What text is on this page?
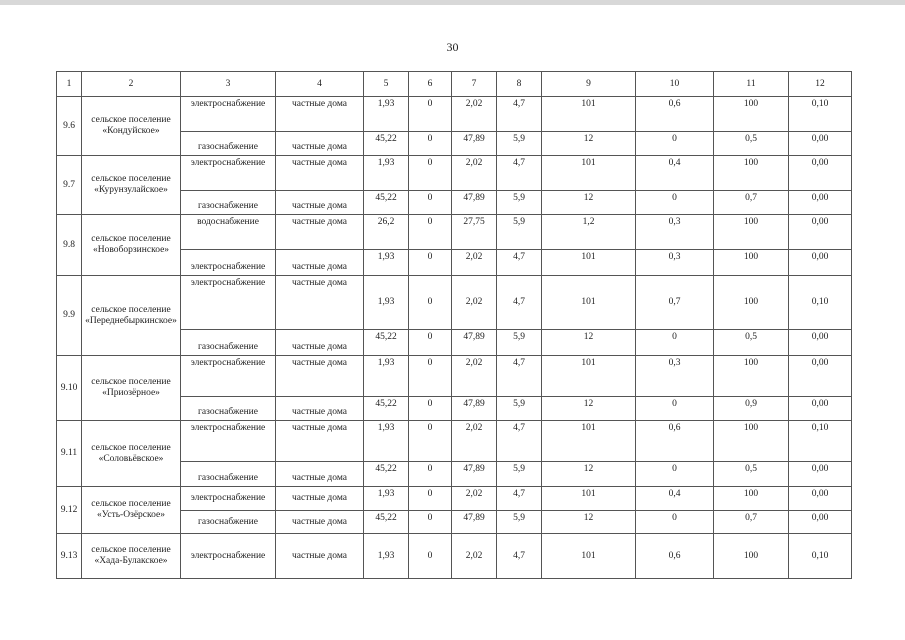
30
1	2	3	4	5	6	7	8	9	10	11	12
9.6	сельское поселение «Кондуйское»	электроснабжение	частные дома	1,93	0	2,02	4,7	101	0,6	100	0,10
		газоснабжение	частные дома	45,22	0	47,89	5,9	12	0	0,5	0,00
9.7	сельское поселение «Курунзулайское»	электроснабжение	частные дома	1,93	0	2,02	4,7	101	0,4	100	0,00
		газоснабжение	частные дома	45,22	0	47,89	5,9	12	0	0,7	0,00
9.8	сельское поселение «Новоборзинское»	водоснабжение	частные дома	26,2	0	27,75	5,9	1,2	0,3	100	0,00
		электроснабжение	частные дома	1,93	0	2,02	4,7	101	0,3	100	0,00
9.9	сельское поселение «Переднебыркинское»	электроснабжение	частные дома	1,93	0	2,02	4,7	101	0,7	100	0,10
		газоснабжение	частные дома	45,22	0	47,89	5,9	12	0	0,5	0,00
9.10	сельское поселение «Приозёрное»	электроснабжение	частные дома	1,93	0	2,02	4,7	101	0,3	100	0,00
		газоснабжение	частные дома	45,22	0	47,89	5,9	12	0	0,9	0,00
9.11	сельское поселение «Соловьёвское»	электроснабжение	частные дома	1,93	0	2,02	4,7	101	0,6	100	0,10
		газоснабжение	частные дома	45,22	0	47,89	5,9	12	0	0,5	0,00
9.12	сельское поселение «Усть-Озёрское»	электроснабжение	частные дома	1,93	0	2,02	4,7	101	0,4	100	0,00
		газоснабжение	частные дома	45,22	0	47,89	5,9	12	0	0,7	0,00
9.13	сельское поселение «Хада-Булакское»	электроснабжение	частные дома	1,93	0	2,02	4,7	101	0,6	100	0,10
